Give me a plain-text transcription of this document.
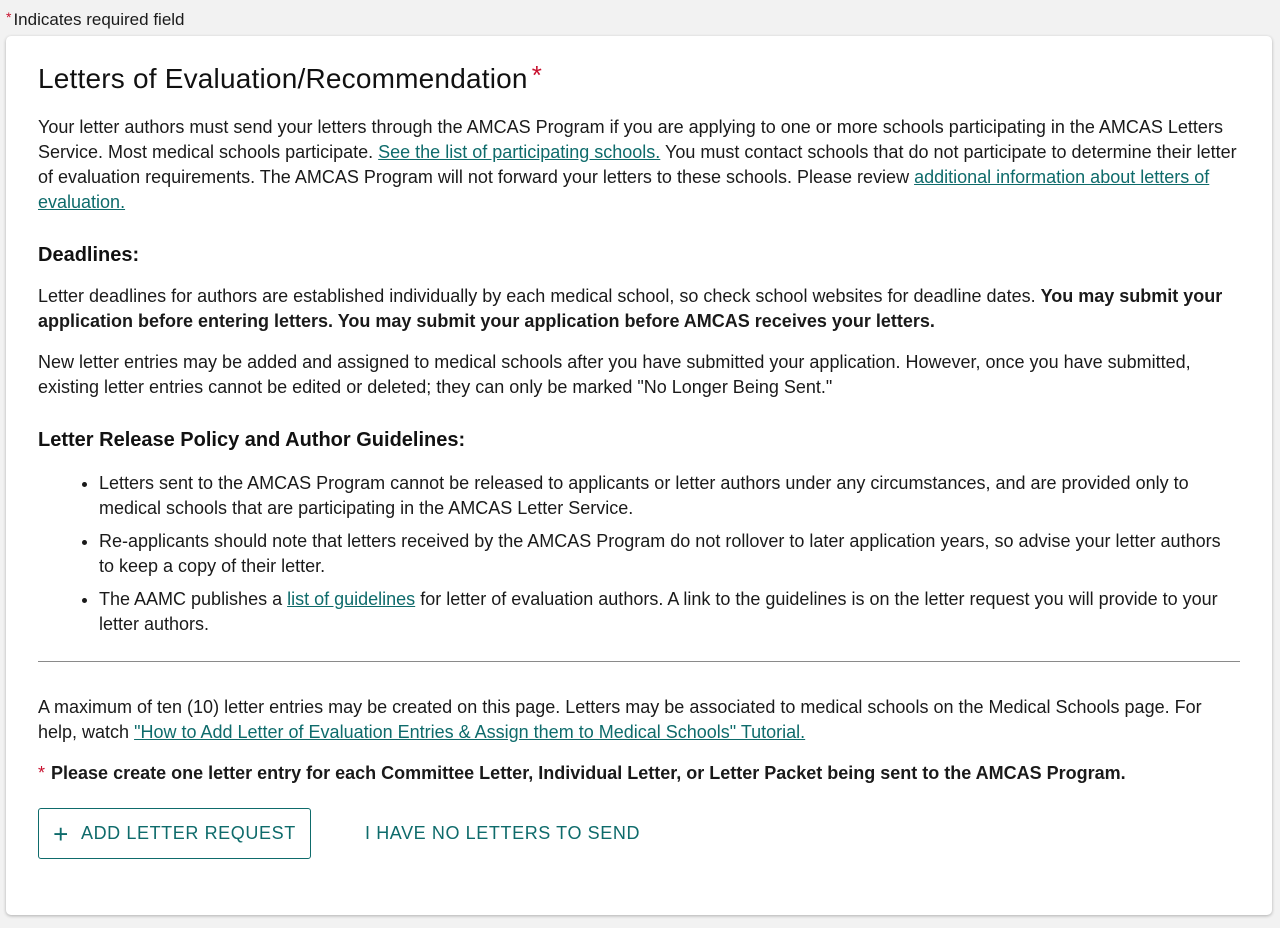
* Indicates required field
Letters of Evaluation/Recommendation *

Your letter authors must send your letters through the AMCAS Program if you are applying to one or more schools participating in the AMCAS Letters Service. Most medical schools participate. See the list of participating schools. You must contact schools that do not participate to determine their letter of evaluation requirements. The AMCAS Program will not forward your letters to these schools. Please review additional information about letters of evaluation.

Deadlines:

Letter deadlines for authors are established individually by each medical school, so check school websites for deadline dates. You may submit your application before entering letters. You may submit your application before AMCAS receives your letters.

New letter entries may be added and assigned to medical schools after you have submitted your application. However, once you have submitted, existing letter entries cannot be edited or deleted; they can only be marked "No Longer Being Sent."

Letter Release Policy and Author Guidelines:
• Letters sent to the AMCAS Program cannot be released to applicants or letter authors under any circumstances, and are provided only to medical schools that are participating in the AMCAS Letter Service.
• Re-applicants should note that letters received by the AMCAS Program do not rollover to later application years, so advise your letter authors to keep a copy of their letter.
• The AAMC publishes a list of guidelines for letter of evaluation authors. A link to the guidelines is on the letter request you will provide to your letter authors.

A maximum of ten (10) letter entries may be created on this page. Letters may be associated to medical schools on the Medical Schools page. For help, watch "How to Add Letter of Evaluation Entries & Assign them to Medical Schools" Tutorial.

* Please create one letter entry for each Committee Letter, Individual Letter, or Letter Packet being sent to the AMCAS Program.

+ ADD LETTER REQUEST	I HAVE NO LETTERS TO SEND
